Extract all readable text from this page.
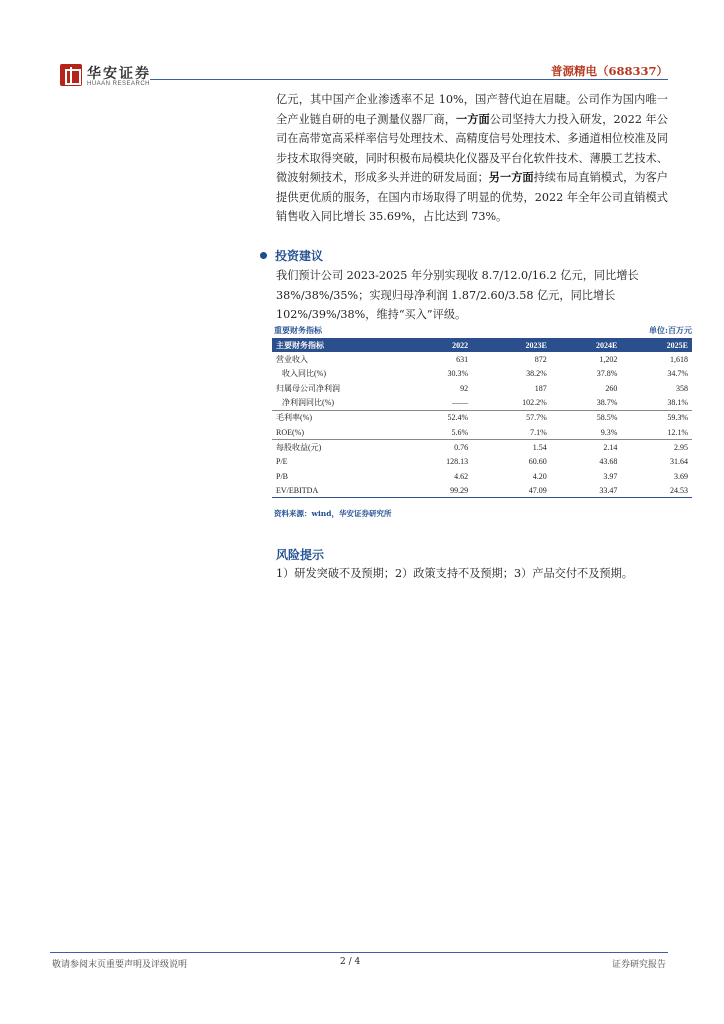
华安证券
HUAAN RESEARCH
普源精电（688337）
亿元，其中国产企业渗透率不足 10%，国产替代迫在眉睫。公司作为国内唯一全产业链自研的电子测量仪器厂商，一方面公司坚持大力投入研发，2022 年公司在高带宽高采样率信号处理技术、高精度信号处理技术、多通道相位校准及同步技术取得突破，同时积极布局模块化仪器及平台化软件技术、薄膜工艺技术、微波射频技术，形成多头并进的研发局面；另一方面持续布局直销模式，为客户提供更优质的服务，在国内市场取得了明显的优势，2022 年全年公司直销模式销售收入同比增长 35.69%，占比达到 73%。
投资建议
我们预计公司 2023-2025 年分别实现收 8.7/12.0/16.2 亿元，同比增长 38%/38%/35%；实现归母净利润 1.87/2.60/3.58 亿元，同比增长 102%/39%/38%，维持“买入”评级。
重要财务指标	单位:百万元
主要财务指标	2022	2023E	2024E	2025E
营业收入	631	872	1,202	1,618
收入同比(%)	30.3%	38.2%	37.8%	34.7%
归属母公司净利润	92	187	260	358
净利润同比(%)	——	102.2%	38.7%	38.1%
毛利率(%)	52.4%	57.7%	58.5%	59.3%
ROE(%)	5.6%	7.1%	9.3%	12.1%
每股收益(元)	0.76	1.54	2.14	2.95
P/E	128.13	60.60	43.68	31.64
P/B	4.62	4.20	3.97	3.69
EV/EBITDA	99.29	47.09	33.47	24.53
资料来源：wind，华安证券研究所
风险提示
1）研发突破不及预期；2）政策支持不及预期；3）产品交付不及预期。
敬请参阅末页重要声明及评级说明	2 / 4	证券研究报告
